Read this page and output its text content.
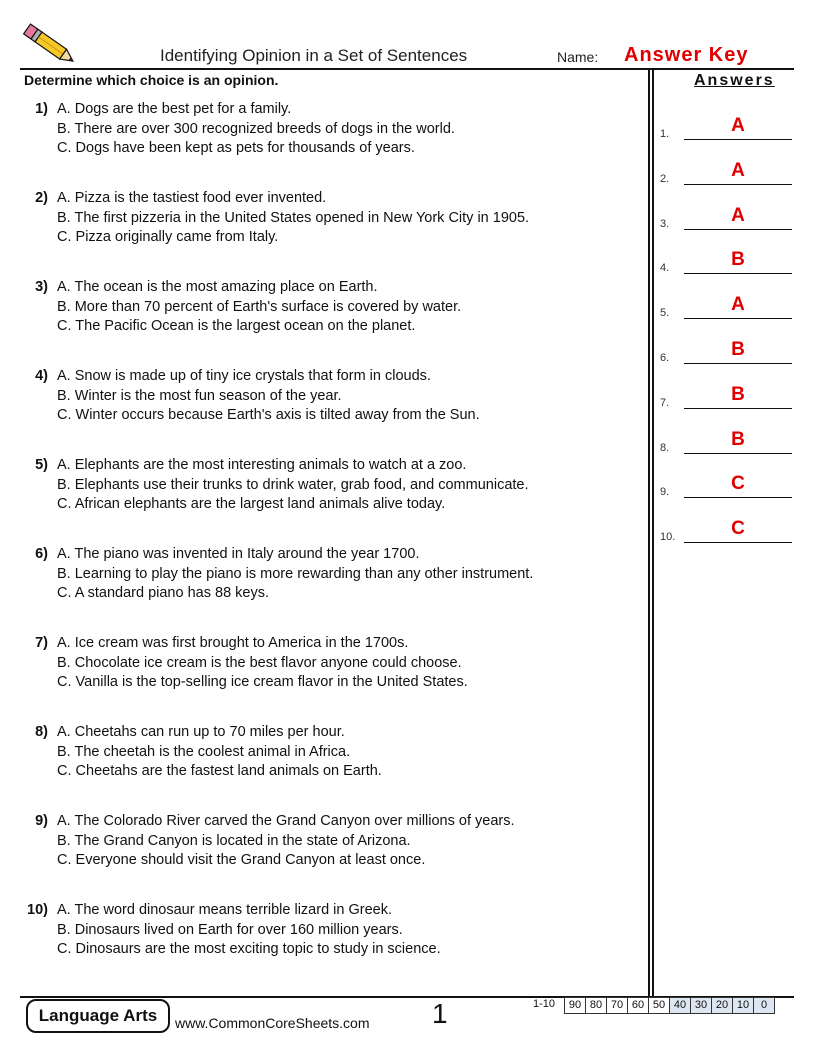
Identifying Opinion in a Set of Sentences	Name: Answer Key
Determine which choice is an opinion.	Answers
1) A. Dogs are the best pet for a family.
B. There are over 300 recognized breeds of dogs in the world.
C. Dogs have been kept as pets for thousands of years.
2) A. Pizza is the tastiest food ever invented.
B. The first pizzeria in the United States opened in New York City in 1905.
C. Pizza originally came from Italy.
3) A. The ocean is the most amazing place on Earth.
B. More than 70 percent of Earth's surface is covered by water.
C. The Pacific Ocean is the largest ocean on the planet.
4) A. Snow is made up of tiny ice crystals that form in clouds.
B. Winter is the most fun season of the year.
C. Winter occurs because Earth's axis is tilted away from the Sun.
5) A. Elephants are the most interesting animals to watch at a zoo.
B. Elephants use their trunks to drink water, grab food, and communicate.
C. African elephants are the largest land animals alive today.
6) A. The piano was invented in Italy around the year 1700.
B. Learning to play the piano is more rewarding than any other instrument.
C. A standard piano has 88 keys.
7) A. Ice cream was first brought to America in the 1700s.
B. Chocolate ice cream is the best flavor anyone could choose.
C. Vanilla is the top-selling ice cream flavor in the United States.
8) A. Cheetahs can run up to 70 miles per hour.
B. The cheetah is the coolest animal in Africa.
C. Cheetahs are the fastest land animals on Earth.
9) A. The Colorado River carved the Grand Canyon over millions of years.
B. The Grand Canyon is located in the state of Arizona.
C. Everyone should visit the Grand Canyon at least once.
10) A. The word dinosaur means terrible lizard in Greek.
B. Dinosaurs lived on Earth for over 160 million years.
C. Dinosaurs are the most exciting topic to study in science.
1.	A
2.	A
3.	A
4.	B
5.	A
6.	B
7.	B
8.	B
9.	C
10.	C
Language Arts	www.CommonCoreSheets.com 1	1-10	90 80 70 60 50 40 30 20 10	0
